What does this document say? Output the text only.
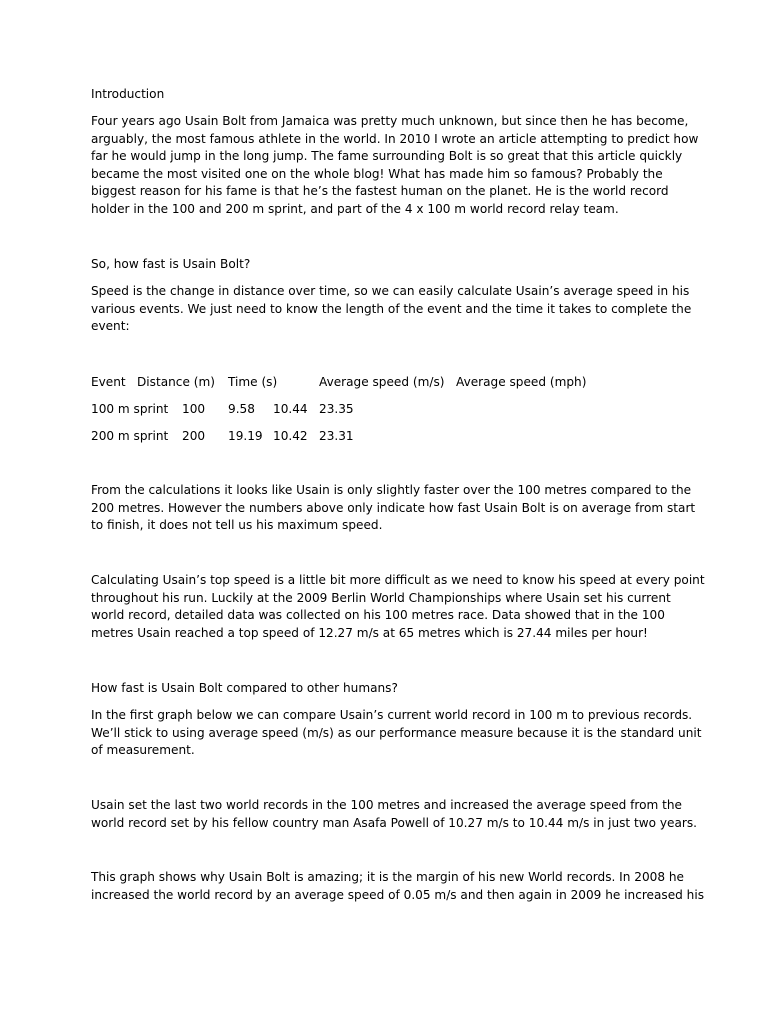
Introduction

Four years ago Usain Bolt from Jamaica was pretty much unknown, but since then he has become,
arguably, the most famous athlete in the world. In 2010 I wrote an article attempting to predict how
far he would jump in the long jump. The fame surrounding Bolt is so great that this article quickly
became the most visited one on the whole blog! What has made him so famous? Probably the
biggest reason for his fame is that he’s the fastest human on the planet. He is the world record
holder in the 100 and 200 m sprint, and part of the 4 x 100 m world record relay team.

So, how fast is Usain Bolt?

Speed is the change in distance over time, so we can easily calculate Usain’s average speed in his
various events. We just need to know the length of the event and the time it takes to complete the
event:
Event Distance (m) Time (s)	Average speed (m/s) Average speed (mph)
100 m sprint 100 9.58 10.44 23.35
200 m sprint 200 19.19 10.42 23.31
From the calculations it looks like Usain is only slightly faster over the 100 metres compared to the
200 metres. However the numbers above only indicate how fast Usain Bolt is on average from start
to finish, it does not tell us his maximum speed.
Calculating Usain’s top speed is a little bit more difficult as we need to know his speed at every point
throughout his run. Luckily at the 2009 Berlin World Championships where Usain set his current
world record, detailed data was collected on his 100 metres race. Data showed that in the 100
metres Usain reached a top speed of 12.27 m/s at 65 metres which is 27.44 miles per hour!

How fast is Usain Bolt compared to other humans?

In the first graph below we can compare Usain’s current world record in 100 m to previous records.
We’ll stick to using average speed (m/s) as our performance measure because it is the standard unit
of measurement.
Usain set the last two world records in the 100 metres and increased the average speed from the
world record set by his fellow country man Asafa Powell of 10.27 m/s to 10.44 m/s in just two years.
This graph shows why Usain Bolt is amazing; it is the margin of his new World records. In 2008 he
increased the world record by an average speed of 0.05 m/s and then again in 2009 he increased his
